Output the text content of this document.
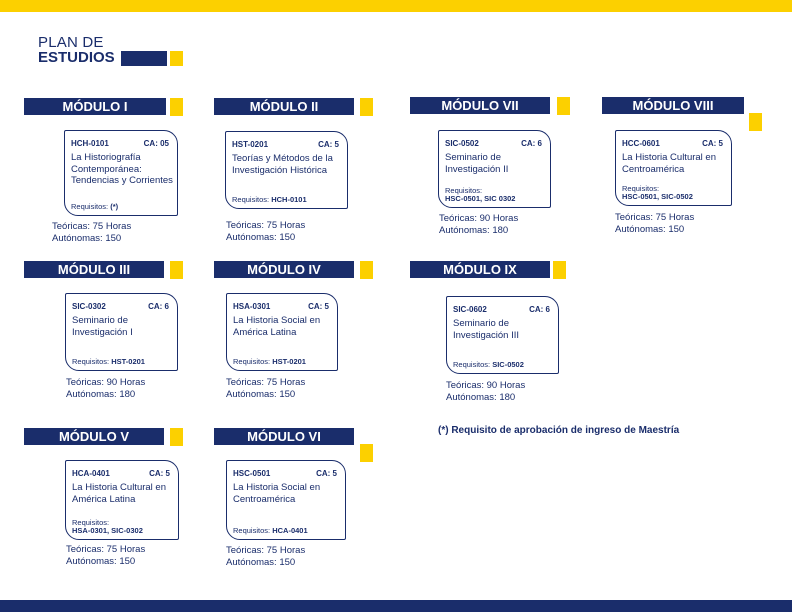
PLAN DE
ESTUDIOS
MÓDULO I
HCH-0101	CA: 05
La Historiografía Contemporánea: Tendencias y Corrientes
Requisitos: (*)
Teóricas: 75 Horas
Autónomas: 150
MÓDULO II
HST-0201	CA: 5
Teorías y Métodos de la Investigación Histórica
Requisitos: HCH-0101
Teóricas: 75 Horas
Autónomas: 150
MÓDULO VII
SIC-0502	CA: 6
Seminario de Investigación II
Requisitos:
HSC-0501, SIC 0302
Teóricas: 90 Horas
Autónomas: 180
MÓDULO VIII
HCC-0601	CA: 5
La Historia Cultural en Centroamérica
Requisitos:
HSC-0501, SIC-0502
Teóricas: 75 Horas
Autónomas: 150
MÓDULO III
SIC-0302	CA: 6
Seminario de Investigación I
Requisitos: HST-0201
Teóricas: 90 Horas
Autónomas: 180
MÓDULO IV
HSA-0301	CA: 5
La Historia Social en América Latina
Requisitos: HST-0201
Teóricas: 75 Horas
Autónomas: 150
MÓDULO IX
SIC-0602	CA: 6
Seminario de Investigación III
Requisitos: SIC-0502
Teóricas: 90 Horas
Autónomas: 180
MÓDULO V
HCA-0401	CA: 5
La Historia Cultural en América Latina
Requisitos:
HSA-0301, SIC-0302
Teóricas: 75 Horas
Autónomas: 150
MÓDULO VI
HSC-0501	CA: 5
La Historia Social en Centroamérica
Requisitos: HCA-0401
Teóricas: 75 Horas
Autónomas: 150
(*) Requisito de aprobación de ingreso de Maestría
